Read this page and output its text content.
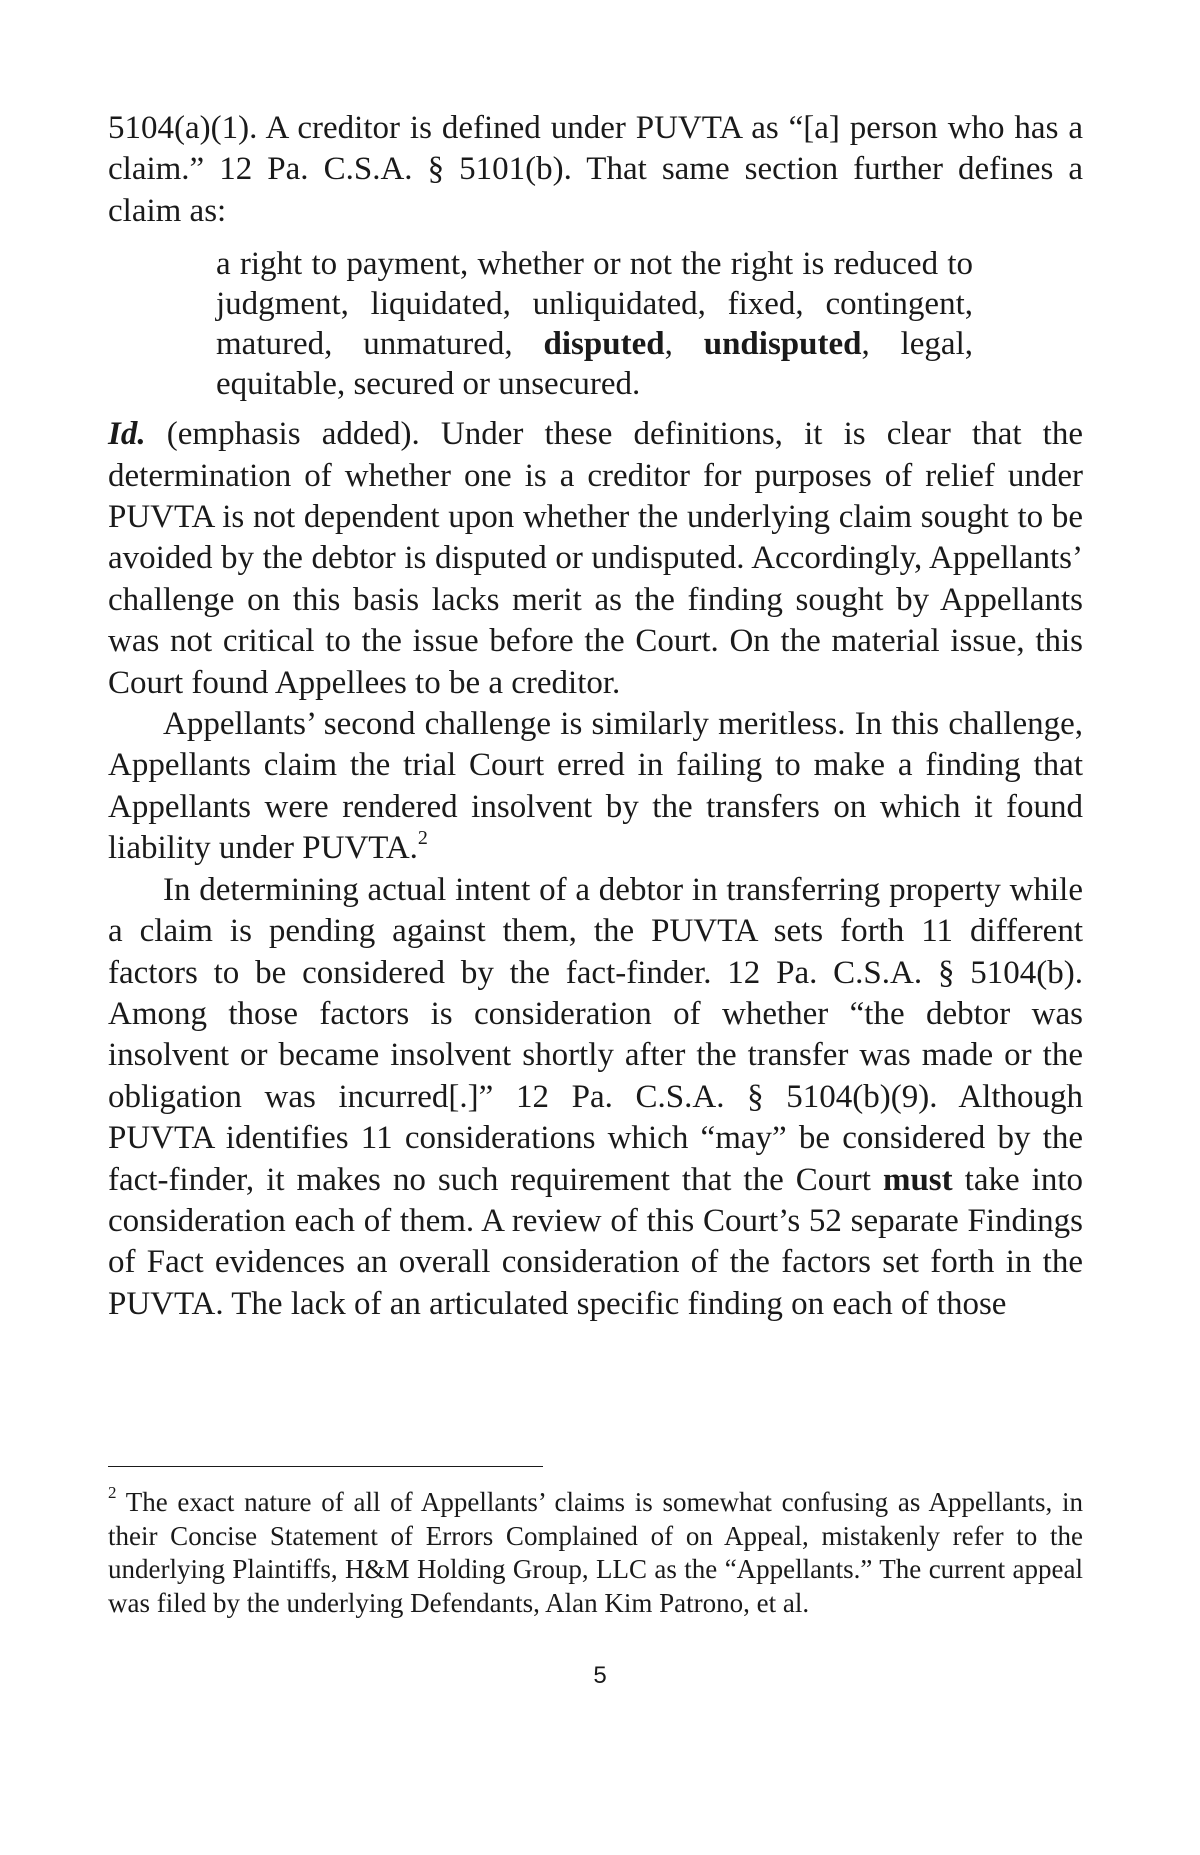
5104(a)(1). A creditor is defined under PUVTA as “[a] person who has a claim.” 12 Pa. C.S.A. § 5101(b). That same section further defines a claim as:

a right to payment, whether or not the right is reduced to judgment, liquidated, unliquidated, fixed, contingent, matured, unmatured, disputed, undisputed, legal, equitable, secured or unsecured.

Id. (emphasis added). Under these definitions, it is clear that the determination of whether one is a creditor for purposes of relief under PUVTA is not dependent upon whether the underlying claim sought to be avoided by the debtor is disputed or undisputed. Accordingly, Appellants’ challenge on this basis lacks merit as the finding sought by Appellants was not critical to the issue before the Court. On the material issue, this Court found Appellees to be a creditor.

Appellants’ second challenge is similarly meritless. In this challenge, Appellants claim the trial Court erred in failing to make a finding that Appellants were rendered insolvent by the transfers on which it found liability under PUVTA.$^2$

In determining actual intent of a debtor in transferring property while a claim is pending against them, the PUVTA sets forth 11 different factors to be considered by the fact-finder. 12 Pa. C.S.A. § 5104(b). Among those factors is consideration of whether “the debtor was insolvent or became insolvent shortly after the transfer was made or the obligation was incurred[.]” 12 Pa. C.S.A. § 5104(b)(9). Although PUVTA identifies 11 considerations which “may” be considered by the fact-finder, it makes no such requirement that the Court must take into consideration each of them. A review of this Court’s 52 separate Findings of Fact evidences an overall consideration of the factors set forth in the PUVTA. The lack of an articulated specific finding on each of those

$^2$ The exact nature of all of Appellants’ claims is somewhat confusing as Appellants, in their Concise Statement of Errors Complained of on Appeal, mistakenly refer to the underlying Plaintiffs, H&M Holding Group, LLC as the “Appellants.” The current appeal was filed by the underlying Defendants, Alan Kim Patrono, et al.

5
